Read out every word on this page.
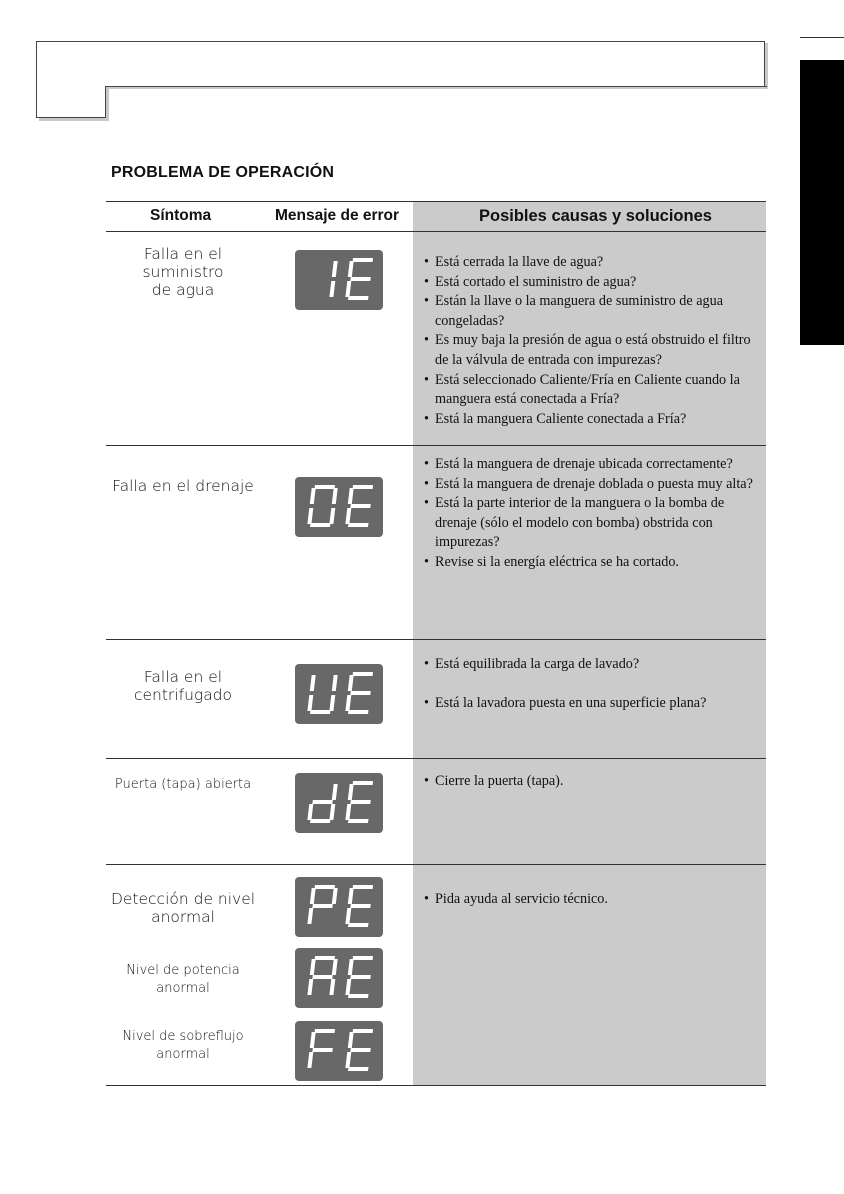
PROBLEMA DE OPERACIÓN
Síntoma	Mensaje de error	Posibles causas y soluciones
Falla en el suministro
de agua
• Está cerrada la llave de agua?
• Está cortado el suministro de agua?
• Están la llave o la manguera de suministro de agua congeladas?
• Es muy baja la presión de agua o está obstruido el filtro de la válvula de entrada con impurezas?
• Está seleccionado Caliente/Fría en Caliente cuando la manguera está conectada a Fría?
• Está la manguera Caliente conectada a Fría?
Falla en el drenaje
• Está la manguera de drenaje ubicada correctamente?
• Está la manguera de drenaje doblada o puesta muy alta?
• Está la parte interior de la manguera o la bomba de drenaje (sólo el modelo con bomba) obstrida con impurezas?
• Revise si la energía eléctrica se ha cortado.
Falla en el
centrifugado
• Está equilibrada la carga de lavado?
• Está la lavadora puesta en una superficie plana?
Puerta (tapa) abierta
•	Cierre la puerta (tapa).
Detección de nivel
anormal
Nivel de potencia
anormal
Nivel de sobreflujo
anormal
• Pida ayuda al servicio técnico.
